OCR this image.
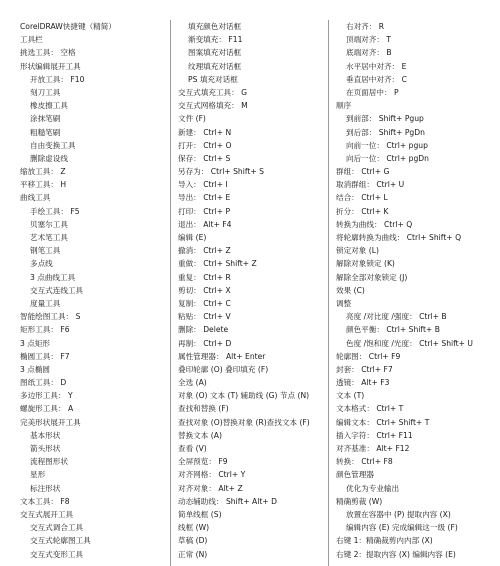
CorelDRAW快捷键（精简）
工具栏
挑选工具： 空格
形状编辑展开工具
开放工具： F10
刻刀工具
橡皮擦工具
涂抹笔刷
粗糙笔刷
自由变换工具
删除虚设线
缩放工具： Z
平移工具： H
曲线工具
手绘工具： F5
贝塞尔工具
艺术笔工具
钢笔工具
多点线
3 点曲线工具
交互式连线工具
度量工具
智能绘图工具： S
矩形工具： F6
3 点矩形
椭圆工具： F7
3 点椭圆
图纸工具： D
多边形工具： Y
螺旋形工具： A
完美形状展开工具
基本形状
箭头形状
流程图形状
星形
标注形状
文本工具： F8
交互式展开工具
交互式调合工具
交互式轮廓图工具
交互式变形工具
填充颜色对话框
渐变填充： F11
图案填充对话框
纹理填充对话框
PS 填充对话框
交互式填充工具： G
交互式网格填充： M
文件 (F)
新建： Ctrl+ N
打开： Ctrl+ O
保存： Ctrl+ S
另存为： Ctrl+ Shift+ S
导入： Ctrl+ I
导出： Ctrl+ E
打印： Ctrl+ P
退出： Alt+ F4
编辑 (E)
撤消： Ctrl+ Z
重做： Ctrl+ Shift+ Z
重复： Ctrl+ R
剪切： Ctrl+ X
复制： Ctrl+ C
粘贴： Ctrl+ V
删除： Delete
再制： Ctrl+ D
属性管理器： Alt+ Enter
叠印轮廓 (O) 叠印填充 (F)
全选 (A)
对象 (O) 文本 (T) 辅助线 (G) 节点 (N)
查找和替换 (F)
查找对象 (O)替换对象 (R)查找文本 (F)
替换文本 (A)
查看 (V)
全屏预览： F9
对齐网格： Ctrl+ Y
对齐对象： Alt+ Z
动态辅助线： Shift+ Alt+ D
简单线框 (S)
线框 (W)
草稿 (D)
正常 (N)
右对齐： R
顶端对齐： T
底端对齐： B
水平居中对齐： E
垂直居中对齐： C
在页面居中： P
顺序
到前部： Shift+ Pgup
到后部： Shift+ PgDn
向前一位： Ctrl+ pgup
向后一位： Ctrl+ pgDn
群组： Ctrl+ G
取消群组： Ctrl+ U
结合： Ctrl+ L
折分： Ctrl+ K
转换为曲线： Ctrl+ Q
将轮廓转换为曲线： Ctrl+ Shift+ Q
锁定对象 (L)
解除对象锁定 (K)
解除全部对象锁定 (J)
效果 (C)
调整
亮度 /对比度 /强度： Ctrl+ B
颜色平衡： Ctrl+ Shift+ B
色度 /饱和度 /光度： Ctrl+ Shift+ U
轮廓图： Ctrl+ F9
封套： Ctrl+ F7
透镜： Alt+ F3
文本 (T)
文本格式： Ctrl+ T
编辑文本： Ctrl+ Shift+ T
插入字符： Ctrl+ F11
对齐基准： Alt+ F12
转换： Ctrl+ F8
颜色管理器
优化为专业输出
精确剪裁 (W)
放置在容器中 (P) 提取内容 (X)
编辑内容 (E) 完成编辑这一级 (F)
右键 1：精确裁剪内内部 (X)
右键 2：提取内容 (X) 编辑内容 (E)
